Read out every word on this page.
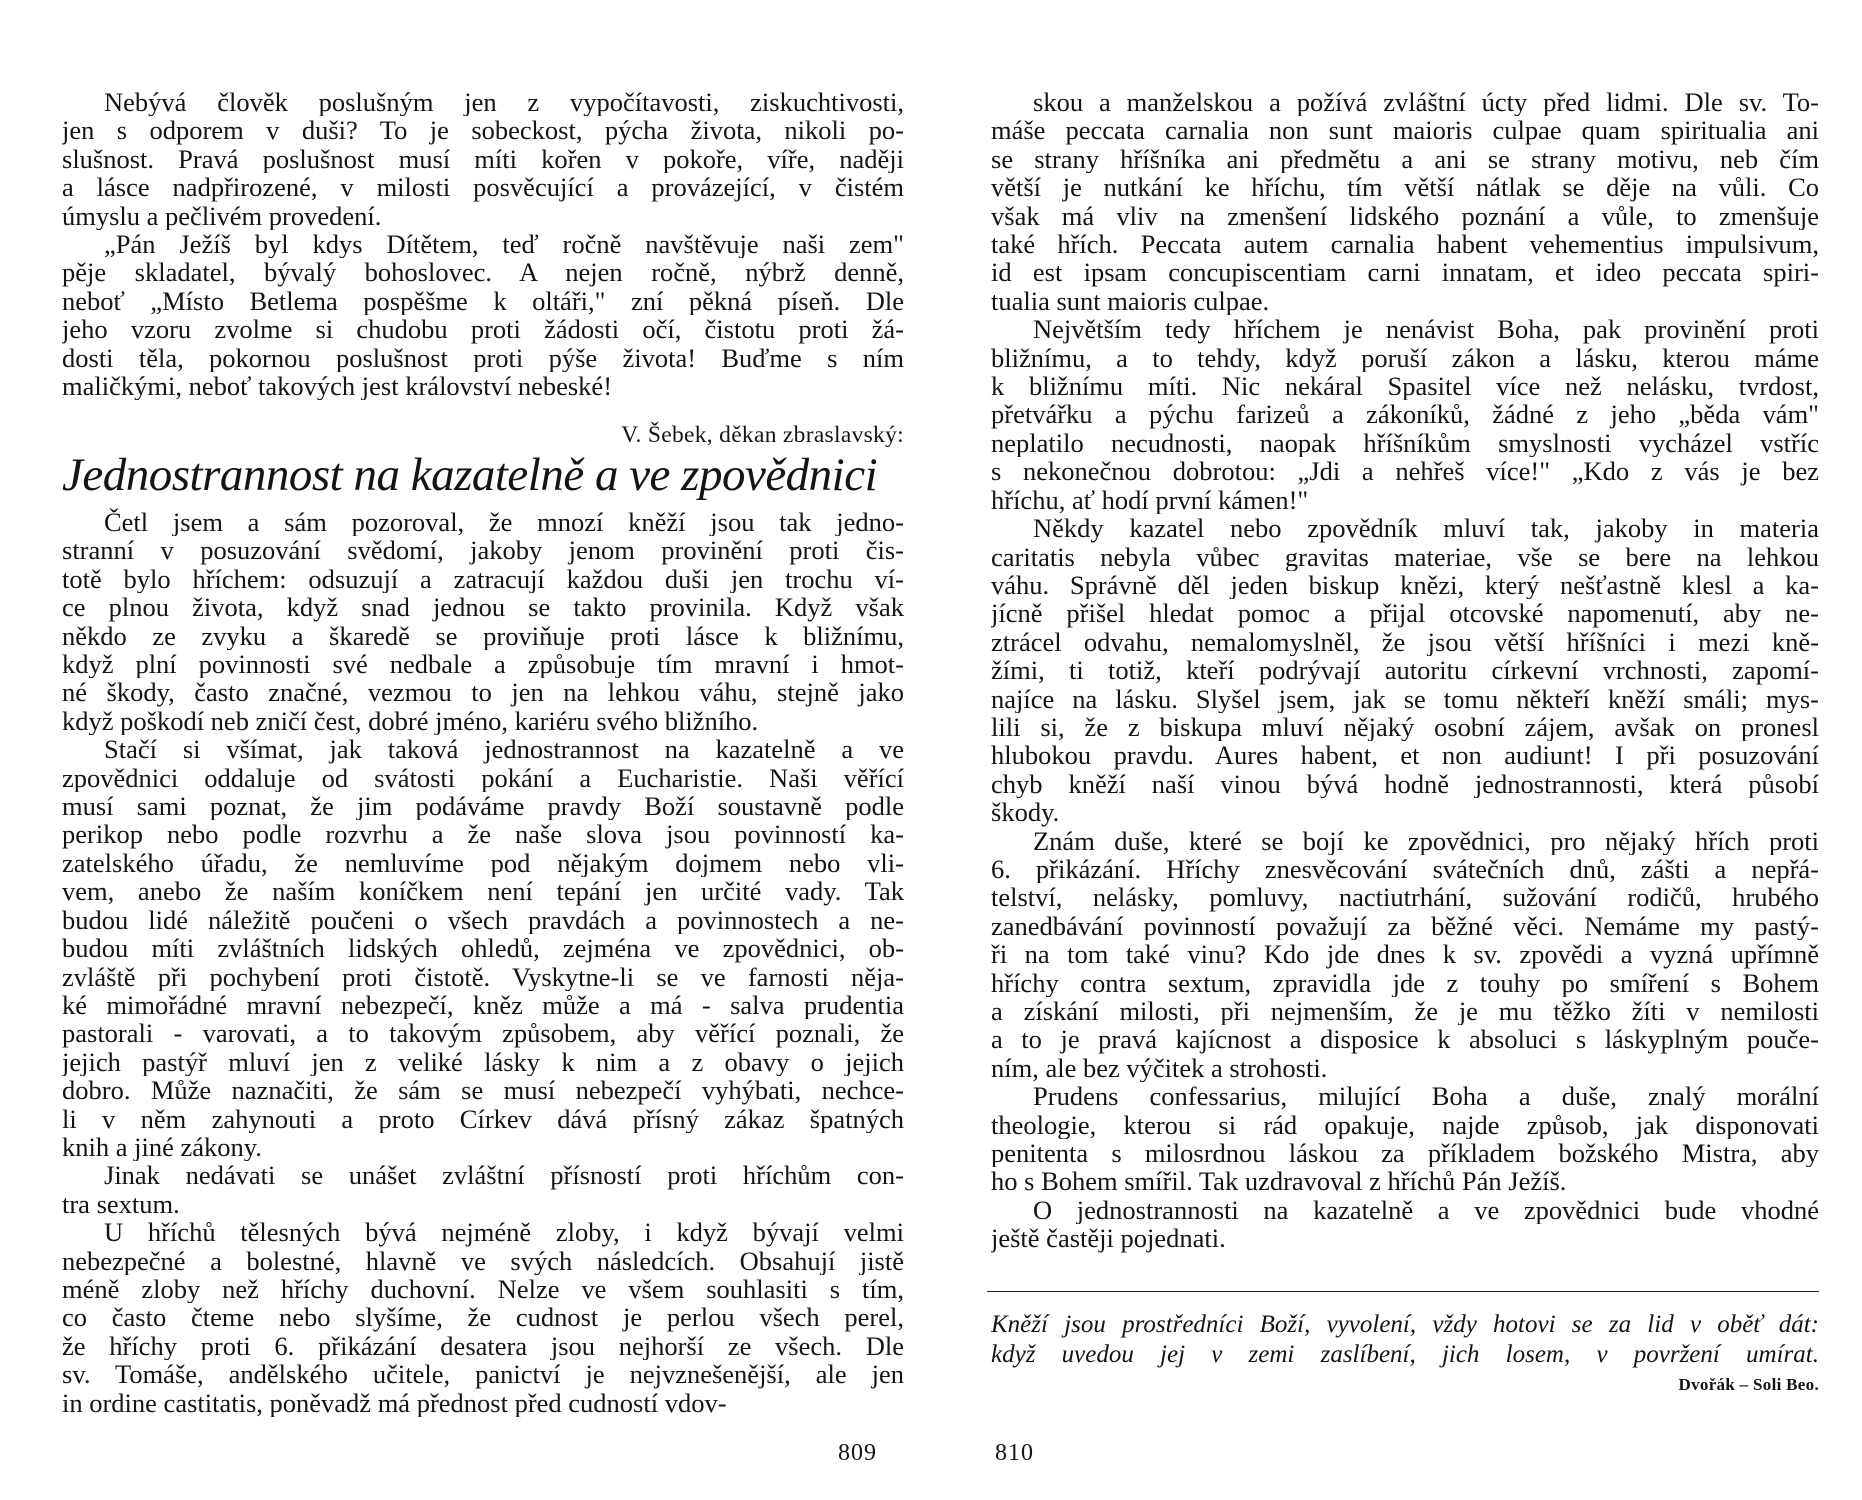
Nebývá člověk poslušným jen z vypočítavosti, ziskuchtivosti,
jen s odporem v duši? To je sobeckost, pýcha života, nikoli po-
slušnost. Pravá poslušnost musí míti kořen v pokoře, víře, naději
a lásce nadpřirozené, v milosti posvěcující a provázející, v čistém
úmyslu a pečlivém provedení.
„Pán Ježíš byl kdys Dítětem, teď ročně navštěvuje naši zem"
pěje skladatel, bývalý bohoslovec. A nejen ročně, nýbrž denně,
neboť „Místo Betlema pospěšme k oltáři," zní pěkná píseň. Dle
jeho vzoru zvolme si chudobu proti žádosti očí, čistotu proti žá-
dosti těla, pokornou poslušnost proti pýše života! Buďme s ním
maličkými, neboť takových jest království nebeské!
V. Šebek, děkan zbraslavský:
Jednostrannost na kazatelně a ve zpovědnici
Četl jsem a sám pozoroval, že mnozí kněží jsou tak jedno-
stranní v posuzování svědomí, jakoby jenom provinění proti čis-
totě bylo hříchem: odsuzují a zatracují každou duši jen trochu ví-
ce plnou života, když snad jednou se takto provinila. Když však
někdo ze zvyku a škaredě se proviňuje proti lásce k bližnímu,
když plní povinnosti své nedbale a způsobuje tím mravní i hmot-
né škody, často značné, vezmou to jen na lehkou váhu, stejně jako
když poškodí neb zničí čest, dobré jméno, kariéru svého bližního.
Stačí si všímat, jak taková jednostrannost na kazatelně a ve
zpovědnici oddaluje od svátosti pokání a Eucharistie. Naši věřící
musí sami poznat, že jim podáváme pravdy Boží soustavně podle
perikop nebo podle rozvrhu a že naše slova jsou povinností ka-
zatelského úřadu, že nemluvíme pod nějakým dojmem nebo vli-
vem, anebo že naším koníčkem není tepání jen určité vady. Tak
budou lidé náležitě poučeni o všech pravdách a povinnostech a ne-
budou míti zvláštních lidských ohledů, zejména ve zpovědnici, ob-
zvláště při pochybení proti čistotě. Vyskytne-li se ve farnosti něja-
ké mimořádné mravní nebezpečí, kněz může a má - salva prudentia
pastorali - varovati, a to takovým způsobem, aby věřící poznali, že
jejich pastýř mluví jen z veliké lásky k nim a z obavy o jejich
dobro. Může naznačiti, že sám se musí nebezpečí vyhýbati, nechce-
li v něm zahynouti a proto Církev dává přísný zákaz špatných
knih a jiné zákony.
Jinak nedávati se unášet zvláštní přísností proti hříchům con-
tra sextum.
U hříchů tělesných bývá nejméně zloby, i když bývají velmi
nebezpečné a bolestné, hlavně ve svých následcích. Obsahují jistě
méně zloby než hříchy duchovní. Nelze ve všem souhlasiti s tím,
co často čteme nebo slyšíme, že cudnost je perlou všech perel,
že hříchy proti 6. přikázání desatera jsou nejhorší ze všech. Dle
sv. Tomáše, andělského učitele, panictví je nejvznešenější, ale jen
in ordine castitatis, poněvadž má přednost před cudností vdov-
809
skou a manželskou a požívá zvláštní úcty před lidmi. Dle sv. To-
máše peccata carnalia non sunt maioris culpae quam spiritualia ani
se strany hříšníka ani předmětu a ani se strany motivu, neb čím
větší je nutkání ke hříchu, tím větší nátlak se děje na vůli. Co
však má vliv na zmenšení lidského poznání a vůle, to zmenšuje
také hřích. Peccata autem carnalia habent vehementius impulsivum,
id est ipsam concupiscentiam carni innatam, et ideo peccata spiri-
tualia sunt maioris culpae.
Největším tedy hříchem je nenávist Boha, pak provinění proti
bližnímu, a to tehdy, když poruší zákon a lásku, kterou máme
k bližnímu míti. Nic nekáral Spasitel více než nelásku, tvrdost,
přetvářku a pýchu farizeů a zákoníků, žádné z jeho „běda vám"
neplatilo necudnosti, naopak hříšníkům smyslnosti vycházel vstříc
s nekonečnou dobrotou: „Jdi a nehřeš více!" „Kdo z vás je bez
hříchu, ať hodí první kámen!"
Někdy kazatel nebo zpovědník mluví tak, jakoby in materia
caritatis nebyla vůbec gravitas materiae, vše se bere na lehkou
váhu. Správně děl jeden biskup knězi, který nešťastně klesl a ka-
jícně přišel hledat pomoc a přijal otcovské napomenutí, aby ne-
ztrácel odvahu, nemalomyslněl, že jsou větší hříšníci i mezi kně-
žími, ti totiž, kteří podrývají autoritu církevní vrchnosti, zapomí-
najíce na lásku. Slyšel jsem, jak se tomu někteří kněží smáli; mys-
lili si, že z biskupa mluví nějaký osobní zájem, avšak on pronesl
hlubokou pravdu. Aures habent, et non audiunt! I při posuzování
chyb kněží naší vinou bývá hodně jednostrannosti, která působí
škody.
Znám duše, které se bojí ke zpovědnici, pro nějaký hřích proti
6. přikázání. Hříchy znesvěcování svátečních dnů, zášti a nepřá-
telství, nelásky, pomluvy, nactiutrhání, sužování rodičů, hrubého
zanedbávání povinností považují za běžné věci. Nemáme my pastý-
ři na tom také vinu? Kdo jde dnes k sv. zpovědi a vyzná upřímně
hříchy contra sextum, zpravidla jde z touhy po smíření s Bohem
a získání milosti, při nejmenším, že je mu těžko žíti v nemilosti
a to je pravá kajícnost a disposice k absoluci s láskyplným pouče-
ním, ale bez výčitek a strohosti.
Prudens confessarius, milující Boha a duše, znalý morální
theologie, kterou si rád opakuje, najde způsob, jak disponovati
penitenta s milosrdnou láskou za příkladem božského Mistra, aby
ho s Bohem smířil. Tak uzdravoval z hříchů Pán Ježíš.
O jednostrannosti na kazatelně a ve zpovědnici bude vhodné
ještě častěji pojednati.
Kněží jsou prostředníci Boží, vyvolení, vždy hotovi se za lid v oběť dát:
když uvedou jej v zemi zaslíbení, jich losem, v povržení umírat.
Dvořák – Soli Beo.
810
